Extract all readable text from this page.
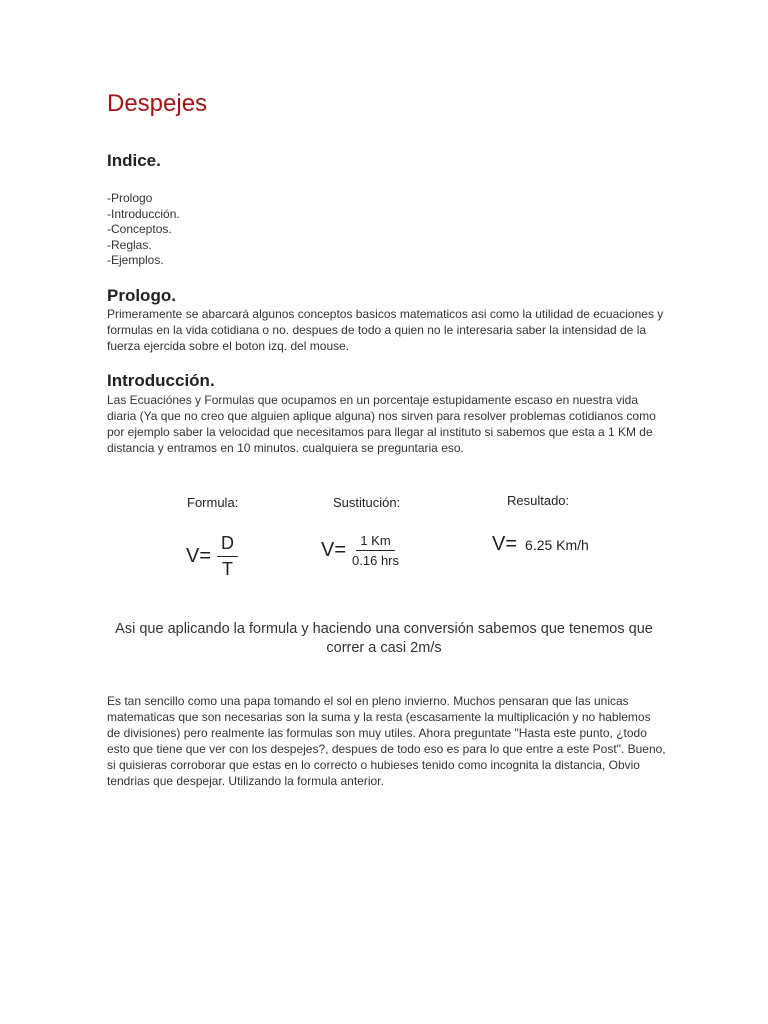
Despejes
Indice.
-Prologo
-Introducción.
-Conceptos.
-Reglas.
-Ejemplos.
Prologo.

Primeramente se abarcará algunos conceptos basicos matematicos asi como la utilidad de ecuaciones y formulas en la vida cotidiana o no. despues de todo a quien no le interesaria saber la intensidad de la fuerza ejercida sobre el boton izq. del mouse.

Introducción.

Las Ecuaciónes y Formulas que ocupamos en un porcentaje estupidamente escaso en nuestra vida diaria (Ya que no creo que alguien aplique alguna) nos sirven para resolver problemas cotidianos como por ejemplo saber la velocidad que necesitamos para llegar al instituto si sabemos que esta a 1 KM de distancia y entramos en 10 minutos. cualquiera se preguntaria eso.

Formula:	Sustitución:	Resultado:
$V= \frac{D}{T}$	$V= \frac{1 Km}{\text{0.16 hrs}}$	V= 6.25 Km/h

Asi que aplicando la formula y haciendo una conversión sabemos que tenemos que correr a casi 2m/s

Es tan sencillo como una papa tomando el sol en pleno invierno. Muchos pensaran que las unicas matematicas que son necesarias son la suma y la resta (escasamente la multiplicación y no hablemos de divisiones) pero realmente las formulas son muy utiles. Ahora preguntate "Hasta este punto, ¿todo esto que tiene que ver con los despejes?, despues de todo eso es para lo que entre a este Post". Bueno, si quisieras corroborar que estas en lo correcto o hubieses tenido como incognita la distancia, Obvio tendrias que despejar. Utilizando la formula anterior.
